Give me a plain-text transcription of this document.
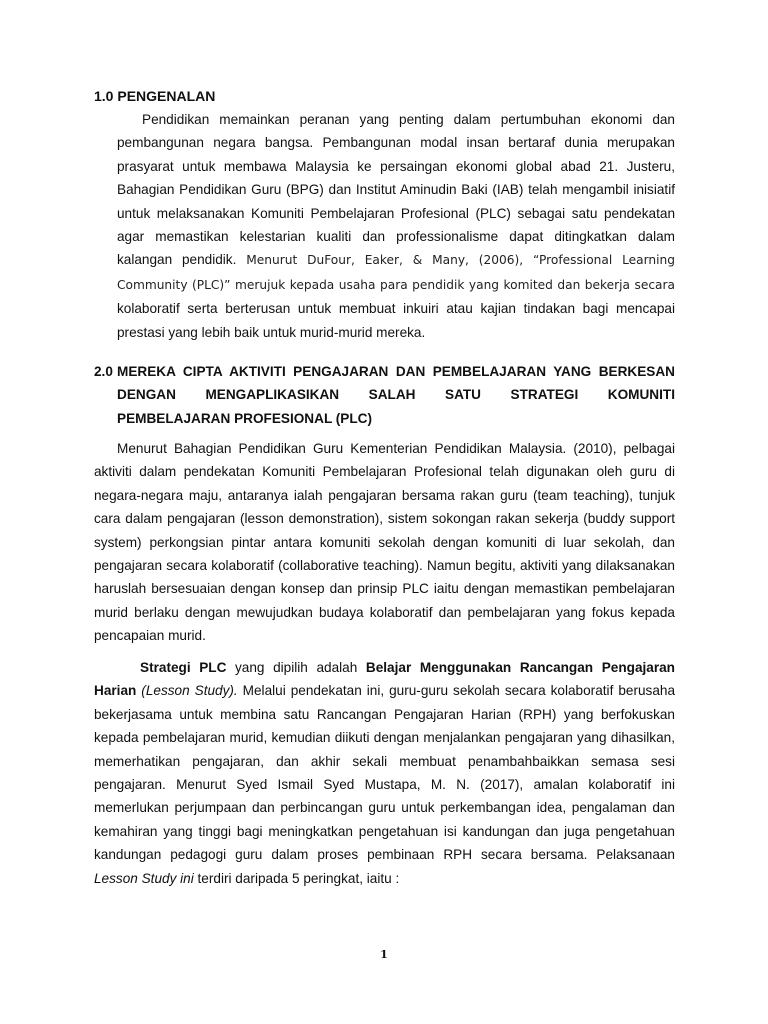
1.0 PENGENALAN
Pendidikan memainkan peranan yang penting dalam pertumbuhan ekonomi dan pembangunan negara bangsa. Pembangunan modal insan bertaraf dunia merupakan prasyarat untuk membawa Malaysia ke persaingan ekonomi global abad 21. Justeru, Bahagian Pendidikan Guru (BPG) dan Institut Aminudin Baki (IAB) telah mengambil inisiatif untuk melaksanakan Komuniti Pembelajaran Profesional (PLC) sebagai satu pendekatan agar memastikan kelestarian kualiti dan professionalisme dapat ditingkatkan dalam kalangan pendidik. Menurut DuFour, Eaker, & Many, (2006), “Professional Learning Community (PLC)” merujuk kepada usaha para pendidik yang komited dan bekerja secara kolaboratif serta berterusan untuk membuat inkuiri atau kajian tindakan bagi mencapai prestasi yang lebih baik untuk murid-murid mereka.
2.0 MEREKA CIPTA AKTIVITI PENGAJARAN DAN PEMBELAJARAN YANG BERKESAN
DENGAN MENGAPLIKASIKAN SALAH SATU STRATEGI KOMUNITI
PEMBELAJARAN PROFESIONAL (PLC)
Menurut Bahagian Pendidikan Guru Kementerian Pendidikan Malaysia. (2010), pelbagai aktiviti dalam pendekatan Komuniti Pembelajaran Profesional telah digunakan oleh guru di negara-negara maju, antaranya ialah pengajaran bersama rakan guru (team teaching), tunjuk cara dalam pengajaran (lesson demonstration), sistem sokongan rakan sekerja (buddy support system) perkongsian pintar antara komuniti sekolah dengan komuniti di luar sekolah, dan pengajaran secara kolaboratif (collaborative teaching). Namun begitu, aktiviti yang dilaksanakan haruslah bersesuaian dengan konsep dan prinsip PLC iaitu dengan memastikan pembelajaran murid berlaku dengan mewujudkan budaya kolaboratif dan pembelajaran yang fokus kepada pencapaian murid.
Strategi PLC yang dipilih adalah Belajar Menggunakan Rancangan Pengajaran Harian (Lesson Study). Melalui pendekatan ini, guru-guru sekolah secara kolaboratif berusaha bekerjasama untuk membina satu Rancangan Pengajaran Harian (RPH) yang berfokuskan kepada pembelajaran murid, kemudian diikuti dengan menjalankan pengajaran yang dihasilkan, memerhatikan pengajaran, dan akhir sekali membuat penambahbaikkan semasa sesi pengajaran. Menurut Syed Ismail Syed Mustapa, M. N. (2017), amalan kolaboratif ini memerlukan perjumpaan dan perbincangan guru untuk perkembangan idea, pengalaman dan kemahiran yang tinggi bagi meningkatkan pengetahuan isi kandungan dan juga pengetahuan kandungan pedagogi guru dalam proses pembinaan RPH secara bersama. Pelaksanaan Lesson Study ini terdiri daripada 5 peringkat, iaitu :
1
